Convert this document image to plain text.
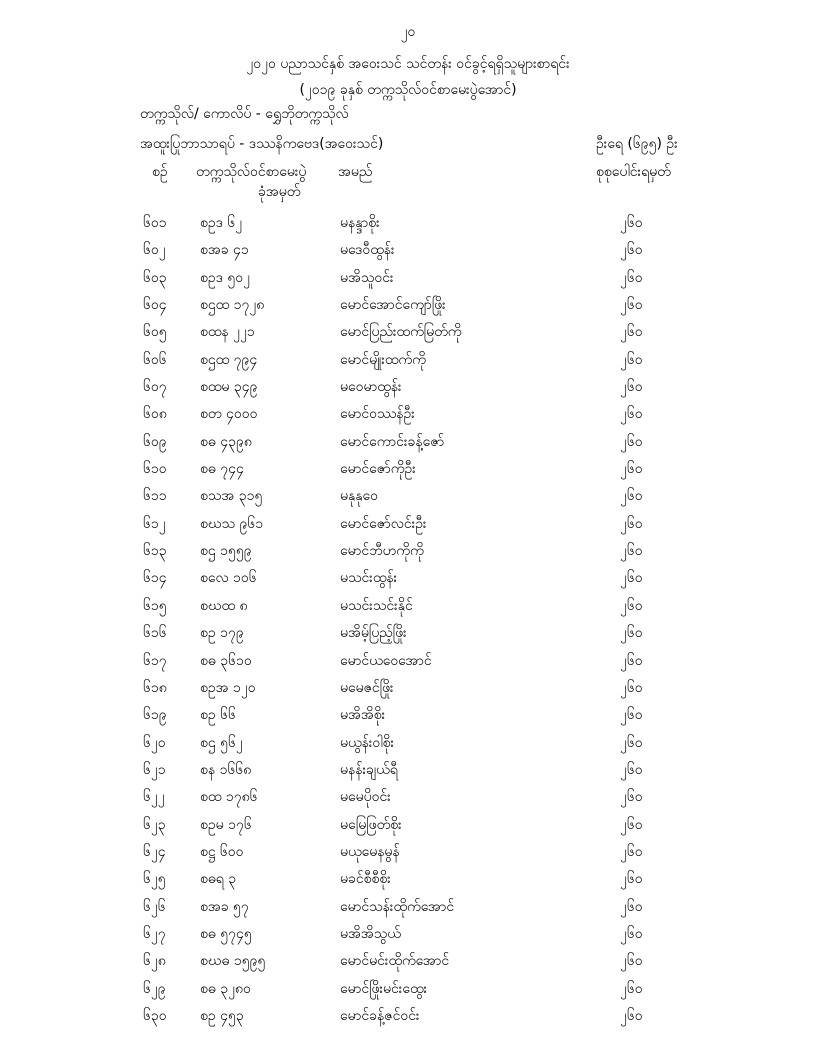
၂၀
၂၀၂၀ ပညာသင်နှစ် အဝေးသင် သင်တန်း ဝင်ခွင့်ရရှိသူများစာရင်း
(၂၀၁၉ ခုနှစ် တက္ကသိုလ်ဝင်စာမေးပွဲအောင်)
တက္ကသိုလ်/ ကောလိပ် - ရွှေဘိုတက္ကသိုလ်
အထူးပြုဘာသာရပ် - ဒဿနိကဗေဒ(အဝေးသင်)	ဦးရေ (၆၉၅) ဦး
စဉ် တက္ကသိုလ်ဝင်စာမေးပွဲ
ခုံအမှတ်
အမည်	စုစုပေါင်းရမှတ်
၆၀၁ စဥဒ ၆၂	မနန္ဒာစိုး	၂၆၀
၆၀၂ စအခ ၄၁	မဒေဝီထွန်း	၂၆၀
၆၀၃ စဥဒ ၅၀၂	မအိသူဝင်း	၂၆၀
၆၀၄ စဌထ ၁၇၂၈	မောင်အောင်ကျော်ဖြိုး	၂၆၀
၆၀၅ စထန ၂၂၁	မောင်ပြည်းထက်မြတ်ကို	၂၆၀
၆၀၆ စဌထ ၇၉၄	မောင်မျိုးထက်ကို	၂၆၀
၆၀၇ စထမ ၃၄၉	မဝေမာထွန်း	၂၆၀
၆၀၈ စတ ၄၀၀၀	မောင်ဝဿန်ဦး	၂၆၀
၆၀၉ စဓ ၄၃၉၈	မောင်ကောင်းခန့်ဇော်	၂၆၀
၆၁၀ စဓ ၇၄၄	မောင်ဇော်ကိုဦး	၂၆၀
၆၁၁ စသအ ၃၁၅	မနုနုဝေ	၂၆၀
၆၁၂ စဃသ ၉၆၁	မောင်ဇော်လင်းဦး	၂၆၀
၆၁၃ စဌ ၁၅၅၉	မောင်ဘီဟကိုကို	၂၆၀
၆၁၄ စလေ ၁၀၆	မသင်းထွန်း	၂၆၀
၆၁၅ စဃထ ၈	မသင်းသင်းနိုင်	၂၆၀
၆၁၆ စဥ ၁၇၉	မအိမ့်ပြည့်ဖြိုး	၂၆၀
၆၁၇ စဓ ၃၆၁၀	မောင်ယဝေအောင်	၂၆၀
၆၁၈ စဥအ ၁၂၀	မမေဇင်ဖြိုး	၂၆၀
၆၁၉ စဥ ၆၆	မအိအိစိုး	၂၆၀
၆၂၀ စဌ ၅၆၂	မယွန်းဝါစိုး	၂၆၀
၆၂၁ စန ၁၆၆၈	မနန်းချယ်ရီ	၂၆၀
၆၂၂	စထ ၁၇၈၆	မမေပိုဝင်း	၂၆၀
၆၂၃ စဥမ ၁၇၆	မမြေဖြတ်စိုး	၂၆၀
၆၂၄ စဋ္ဌ ၆၀၀	မယုမေနမွန်	၂၆၀
၆၂၅ စဓရ ၃	မခင်စီစီစိုး	၂၆၀
၆၂၆ စအခ ၅၇	မောင်သန်းထိုက်အောင်	၂၆၀
၆၂၇ စဓ ၅၇၄၅	မအိအိသွယ်	၂၆၀
၆၂၈ စဃဓ ၁၅၉၅	မောင်မင်းထိုက်အောင်	၂၆၀
၆၂၉ စဓ ၃၂၈၀	မောင်ဖြိုးမင်းထွေး	၂၆၀
၆၃၀ စဥ ၄၅၃	မောင်ခန့်ဇင်ဝင်း	၂၆၀
